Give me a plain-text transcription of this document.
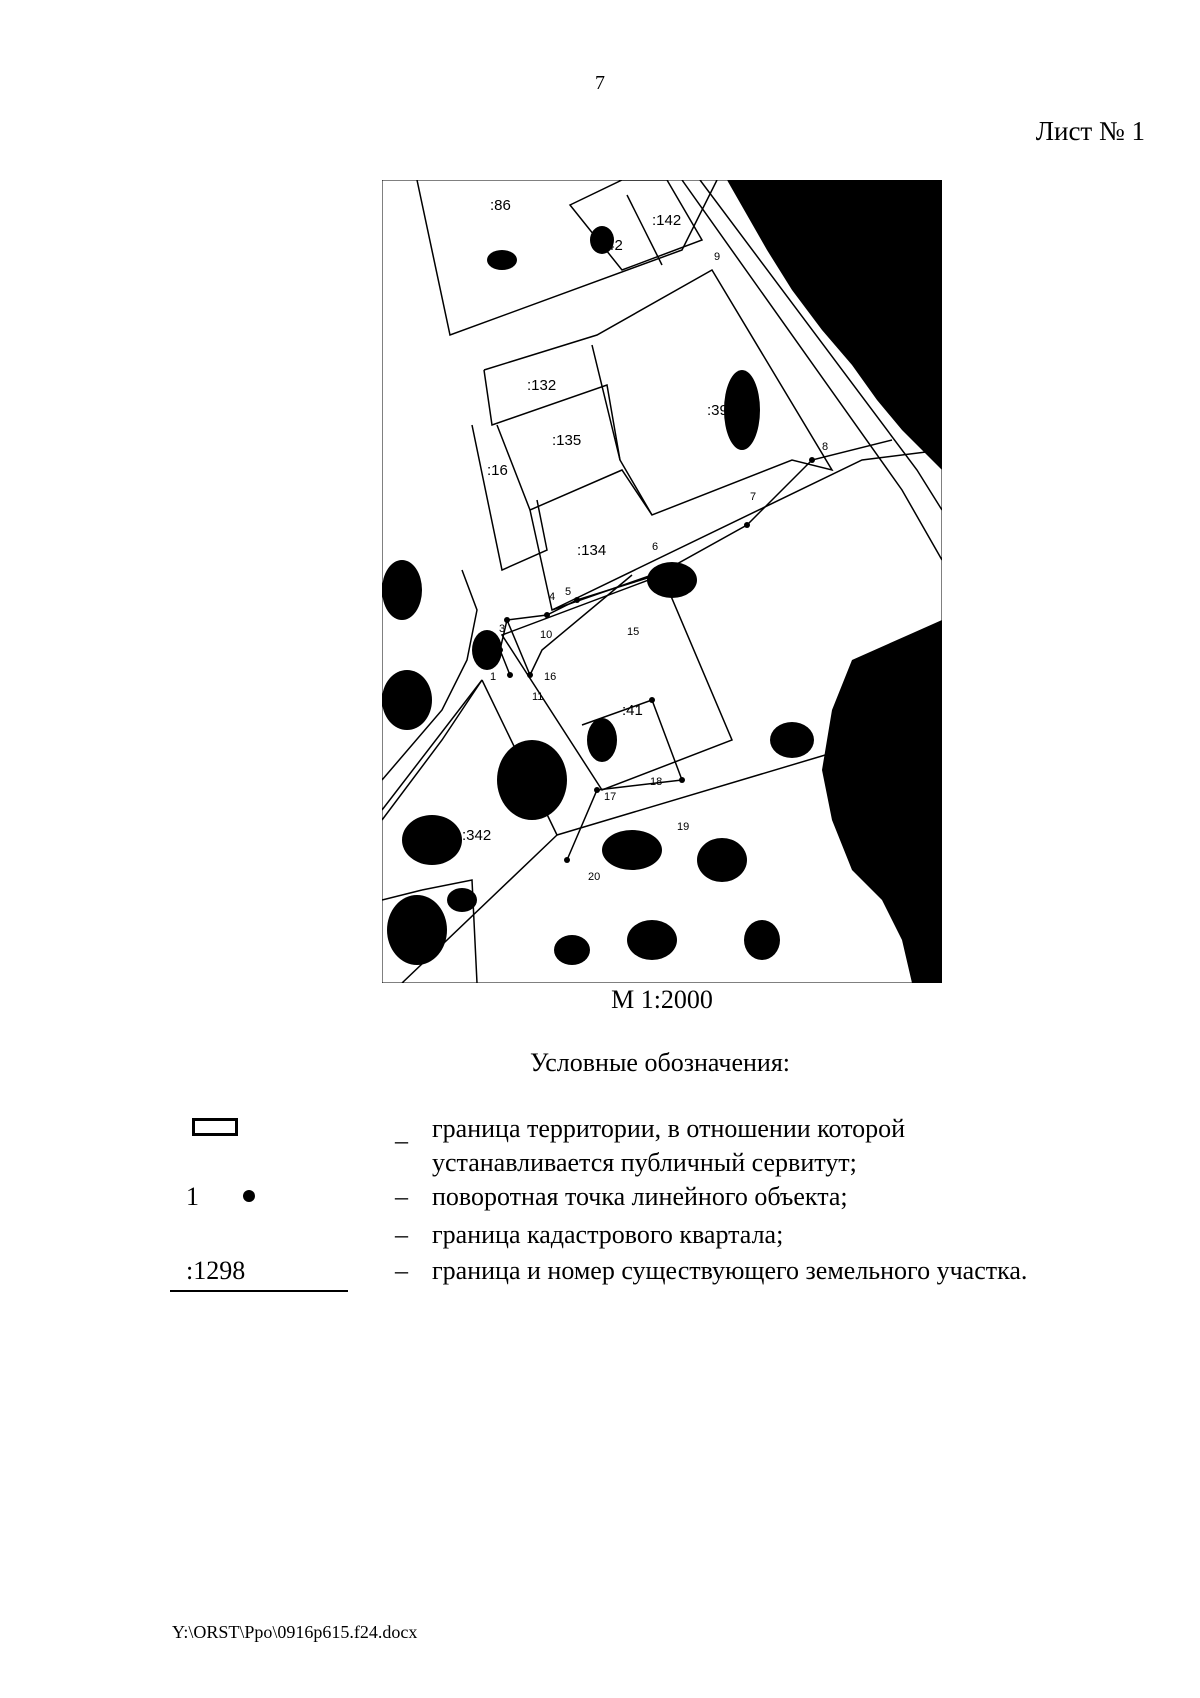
7
Лист № 1
:86
:42
:142
:132
:39
:135
:16
:134
:41
:342
:343
1
2
3
4 5
6
7
8
9
10
11
12
13
14
15
16
17
18
19
20
М 1:2000
Условные обозначения:
– граница территории, в отношении которой
устанавливается публичный сервитут;
1	– поворотная точка линейного объекта;
– граница кадастрового квартала;
:1298	– граница и номер существующего земельного участка.
Y:\ORST\Ppo\0916p615.f24.docx
